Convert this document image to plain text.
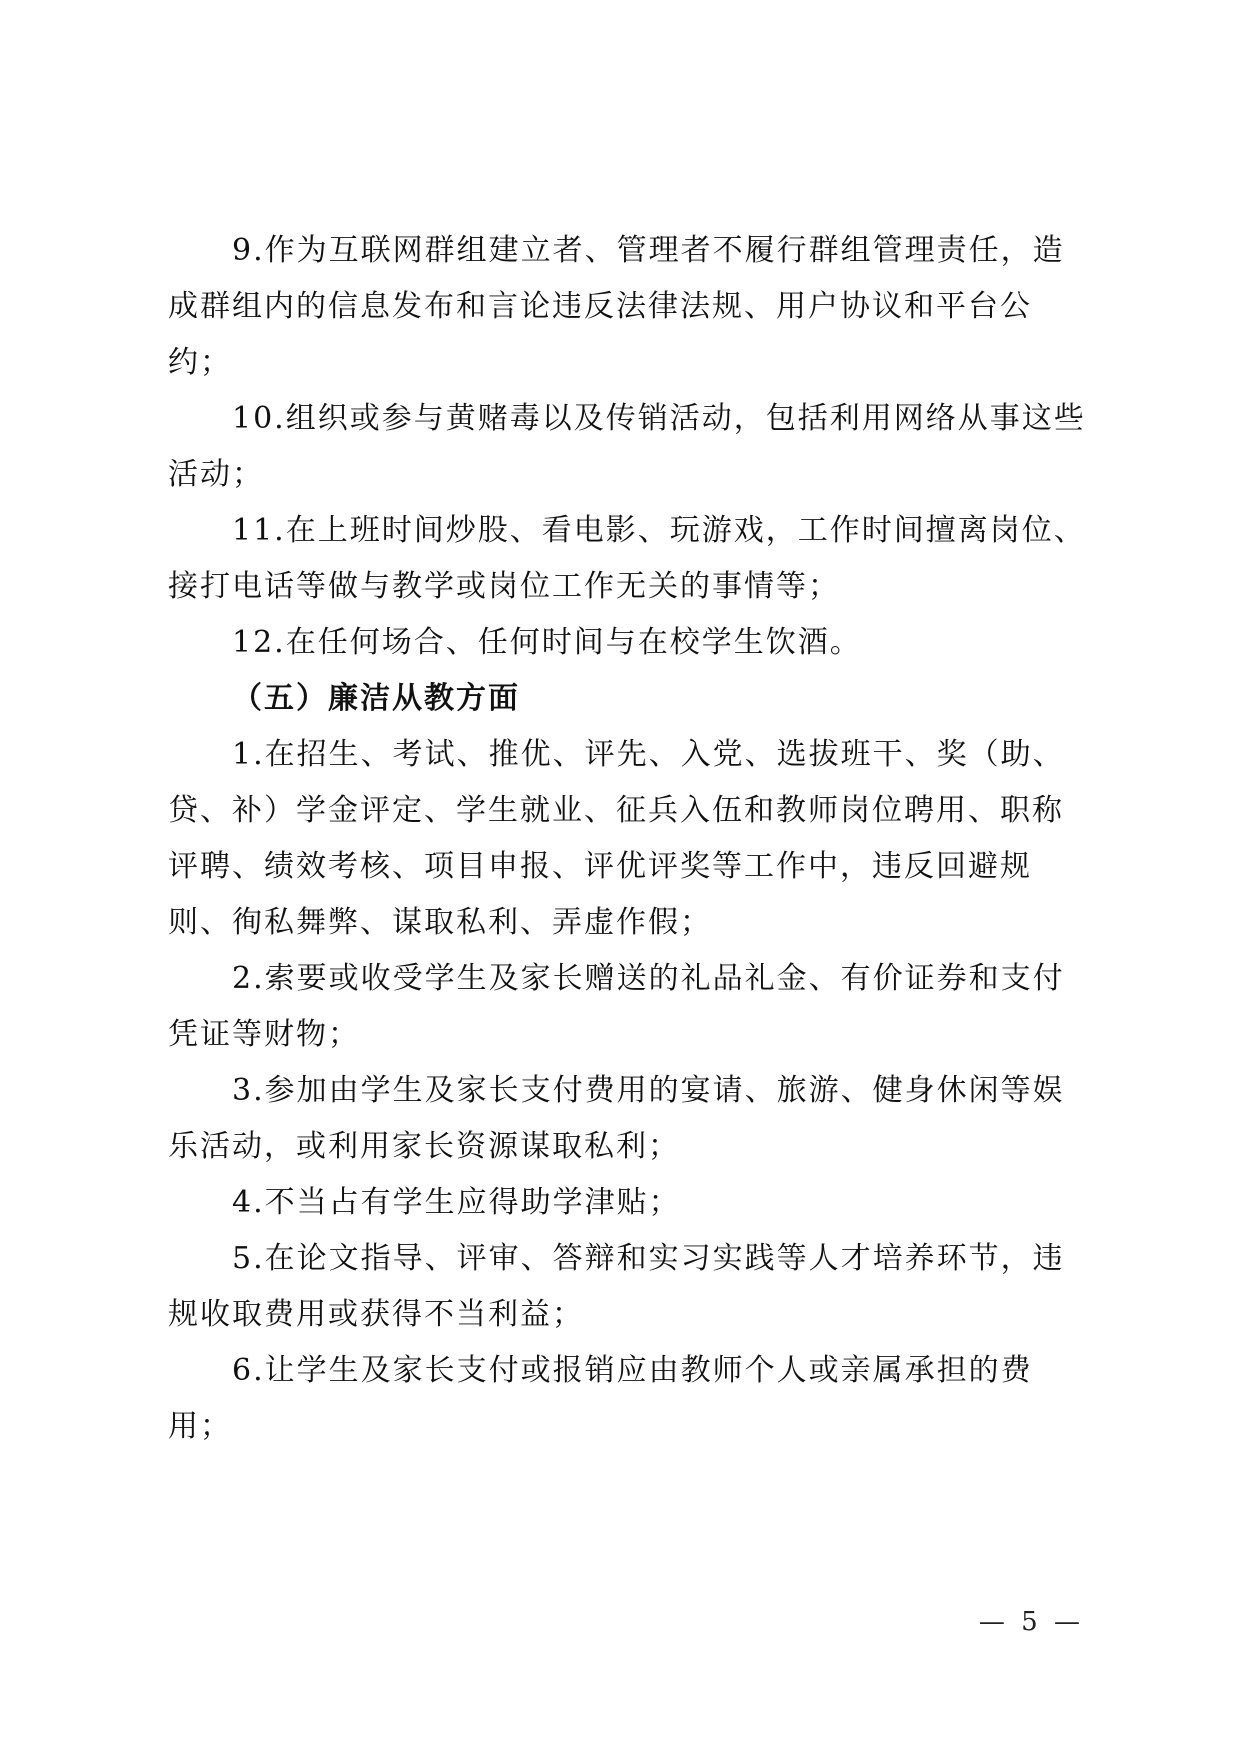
9.作为互联网群组建立者、管理者不履行群组管理责任，造成群组内的信息发布和言论违反法律法规、用户协议和平台公约；

10.组织或参与黄赌毒以及传销活动，包括利用网络从事这些活动；

11.在上班时间炒股、看电影、玩游戏，工作时间擅离岗位、接打电话等做与教学或岗位工作无关的事情等；

12.在任何场合、任何时间与在校学生饮酒。

（五）廉洁从教方面

1.在招生、考试、推优、评先、入党、选拔班干、奖（助、贷、补）学金评定、学生就业、征兵入伍和教师岗位聘用、职称评聘、绩效考核、项目申报、评优评奖等工作中，违反回避规则、徇私舞弊、谋取私利、弄虚作假；

2.索要或收受学生及家长赠送的礼品礼金、有价证券和支付凭证等财物；

3.参加由学生及家长支付费用的宴请、旅游、健身休闲等娱乐活动，或利用家长资源谋取私利；

4.不当占有学生应得助学津贴；

5.在论文指导、评审、答辩和实习实践等人才培养环节，违规收取费用或获得不当利益；

6.让学生及家长支付或报销应由教师个人或亲属承担的费用；

— 5 —
